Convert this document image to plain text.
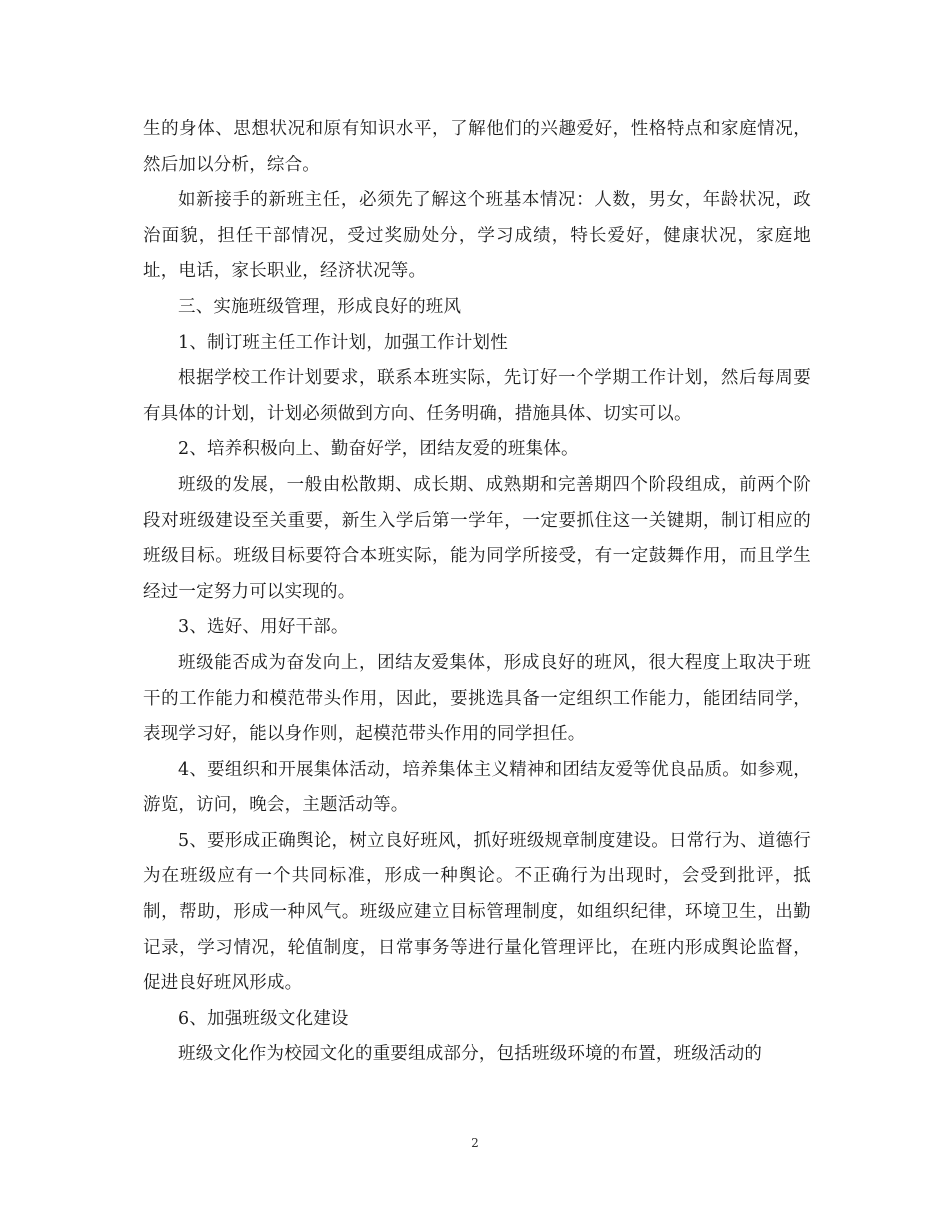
生的身体、思想状况和原有知识水平，了解他们的兴趣爱好，性格特点和家庭情况，然后加以分析，综合。

如新接手的新班主任，必须先了解这个班基本情况：人数，男女，年龄状况，政治面貌，担任干部情况，受过奖励处分，学习成绩，特长爱好，健康状况，家庭地址，电话，家长职业，经济状况等。

三、实施班级管理，形成良好的班风

1、制订班主任工作计划，加强工作计划性

根据学校工作计划要求，联系本班实际，先订好一个学期工作计划，然后每周要有具体的计划，计划必须做到方向、任务明确，措施具体、切实可以。

2、培养积极向上、勤奋好学，团结友爱的班集体。

班级的发展，一般由松散期、成长期、成熟期和完善期四个阶段组成，前两个阶段对班级建设至关重要，新生入学后第一学年，一定要抓住这一关键期，制订相应的班级目标。班级目标要符合本班实际，能为同学所接受，有一定鼓舞作用，而且学生经过一定努力可以实现的。

3、选好、用好干部。

班级能否成为奋发向上，团结友爱集体，形成良好的班风，很大程度上取决于班干的工作能力和模范带头作用，因此，要挑选具备一定组织工作能力，能团结同学，表现学习好，能以身作则，起模范带头作用的同学担任。

4、要组织和开展集体活动，培养集体主义精神和团结友爱等优良品质。如参观，游览，访问，晚会，主题活动等。

5、要形成正确舆论，树立良好班风，抓好班级规章制度建设。日常行为、道德行为在班级应有一个共同标准，形成一种舆论。不正确行为出现时，会受到批评，抵制，帮助，形成一种风气。班级应建立目标管理制度，如组织纪律，环境卫生，出勤记录，学习情况，轮值制度，日常事务等进行量化管理评比，在班内形成舆论监督，促进良好班风形成。

6、加强班级文化建设

班级文化作为校园文化的重要组成部分，包括班级环境的布置，班级活动的

2
